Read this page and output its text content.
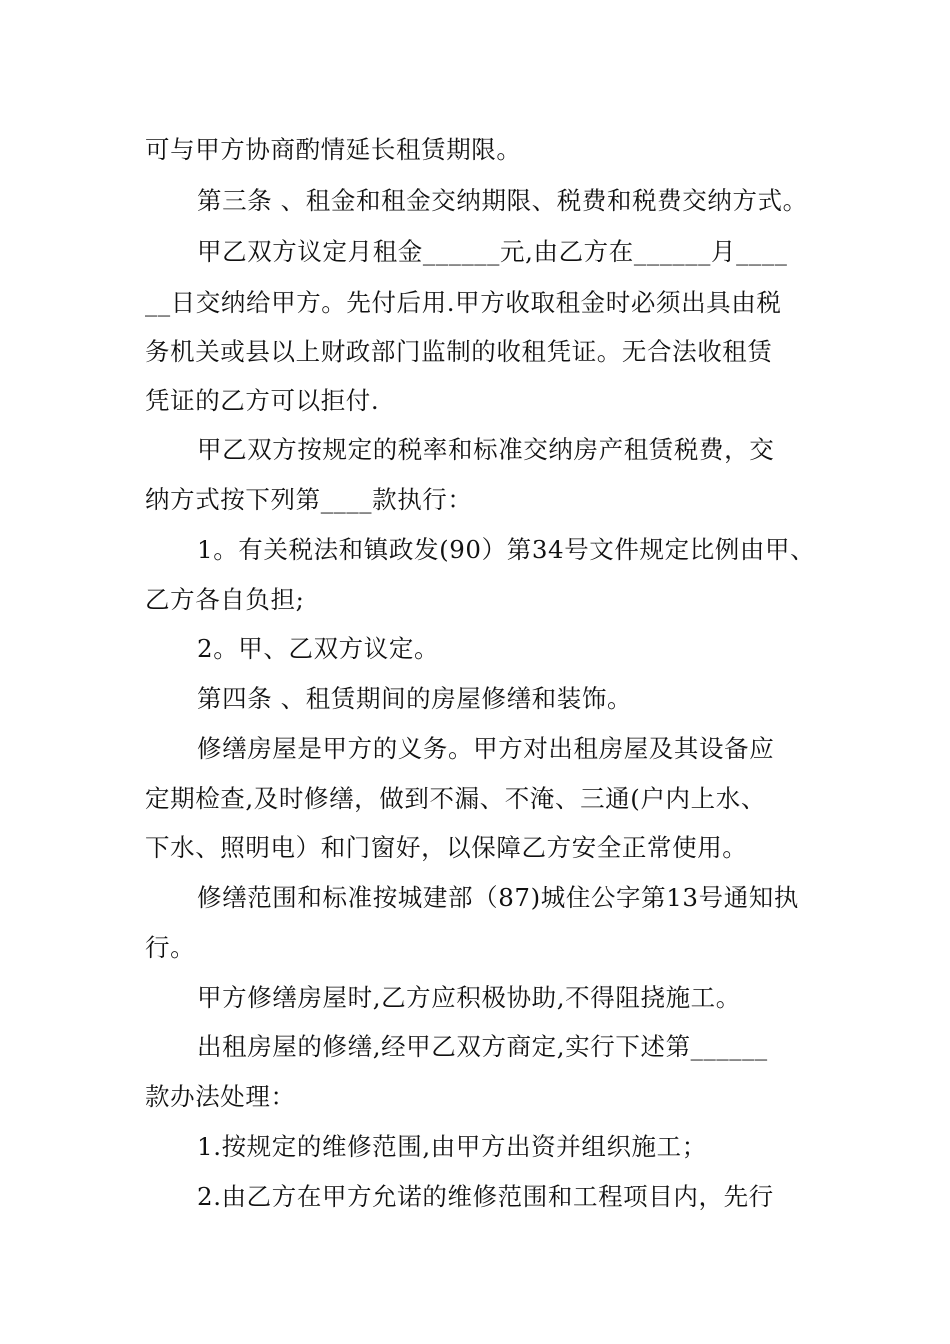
可与甲方协商酌情延长租赁期限。
第三条 、租金和租金交纳期限、税费和税费交纳方式。
甲乙双方议定月租金______元,由乙方在______月____
__日交纳给甲方。先付后用.甲方收取租金时必须出具由税
务机关或县以上财政部门监制的收租凭证。无合法收租赁
凭证的乙方可以拒付.
甲乙双方按规定的税率和标准交纳房产租赁税费，交
纳方式按下列第____款执行：
1。有关税法和镇政发(90）第34号文件规定比例由甲、
乙方各自负担;
2。甲、乙双方议定。
第四条 、租赁期间的房屋修缮和装饰。
修缮房屋是甲方的义务。甲方对出租房屋及其设备应
定期检查,及时修缮，做到不漏、不淹、三通(户内上水、
下水、照明电）和门窗好，以保障乙方安全正常使用。
修缮范围和标准按城建部（87)城住公字第13号通知执
行。
甲方修缮房屋时,乙方应积极协助,不得阻挠施工。
出租房屋的修缮,经甲乙双方商定,实行下述第______
款办法处理：
1.按规定的维修范围,由甲方出资并组织施工；
2.由乙方在甲方允诺的维修范围和工程项目内，先行
